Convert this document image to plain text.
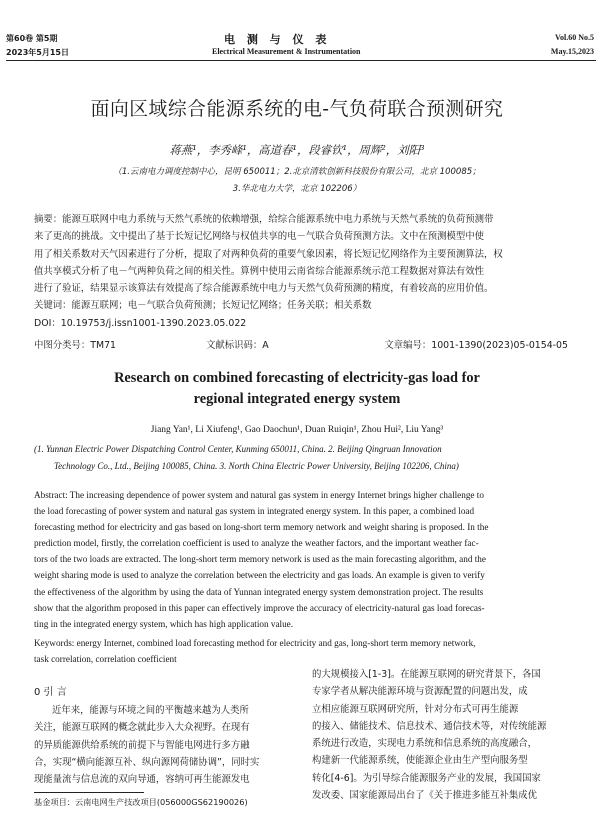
第60卷 第5期	电 测 与 仪 表	Vol.60 No.5
2023年5月15日	Electrical Measurement & Instrumentation	May.15,2023
面向区域综合能源系统的电-气负荷联合预测研究
蒋燕¹，李秀峰¹，高道春¹，段睿钦¹，周辉²，刘阳³
（1.云南电力调度控制中心，昆明 650011；2.北京清软创新科技股份有限公司，北京 100085；
3.华北电力大学，北京 102206）
摘要：能源互联网中电力系统与天然气系统的依赖增强，给综合能源系统中电力系统与天然气系统的负荷预测带
来了更高的挑战。文中提出了基于长短记忆网络与权值共享的电－气联合负荷预测方法。文中在预测模型中使
用了相关系数对天气因素进行了分析，提取了对两种负荷的重要气象因素，将长短记忆网络作为主要预测算法，权
值共享模式分析了电－气两种负荷之间的相关性。算例中使用云南省综合能源系统示范工程数据对算法有效性
进行了验证，结果显示该算法有效提高了综合能源系统中电力与天然气负荷预测的精度，有着较高的应用价值。
关键词：能源互联网；电－气联合负荷预测；长短记忆网络；任务关联；相关系数
DOI：10.19753/j.issn1001-1390.2023.05.022
中图分类号：TM71	文献标识码：A	文章编号：1001-1390(2023)05-0154-05
Research on combined forecasting of electricity-gas load for
regional integrated energy system
Jiang Yan¹, Li Xiufeng¹, Gao Daochun¹, Duan Ruiqin¹, Zhou Hui², Liu Yang³
(1. Yunnan Electric Power Dispatching Control Center, Kunming 650011, China. 2. Beijing Qingruan Innovation
Technology Co., Ltd., Beijing 100085, China. 3. North China Electric Power University, Beijing 102206, China)
Abstract: The increasing dependence of power system and natural gas system in energy Internet brings higher challenge to
the load forecasting of power system and natural gas system in integrated energy system. In this paper, a combined load
forecasting method for electricity and gas based on long-short term memory network and weight sharing is proposed. In the
prediction model, firstly, the correlation coefficient is used to analyze the weather factors, and the important weather fac-
tors of the two loads are extracted. The long-short term memory network is used as the main forecasting algorithm, and the
weight sharing mode is used to analyze the correlation between the electricity and gas loads. An example is given to verify
the effectiveness of the algorithm by using the data of Yunnan integrated energy system demonstration project. The results
show that the algorithm proposed in this paper can effectively improve the accuracy of electricity-natural gas load forecas-
ting in the integrated energy system, which has high application value.
Keywords: energy Internet, combined load forecasting method for electricity and gas, long-short term memory network,
task correlation, correlation coefficient
0 引 言
近年来，能源与环境之间的平衡越来越为人类所
关注，能源互联网的概念就此步入大众视野。在现有
的异质能源供给系统的前提下与智能电网进行多方融
合，实现“横向能源互补、纵向源网荷储协调”，同时实
现能量流与信息流的双向导通，容纳可再生能源发电
基金项目：云南电网生产技改项目(056000GS62190026)
的大规模接入[1-3]。在能源互联网的研究背景下，各国
专家学者从解决能源环境与资源配置的问题出发，成
立相应能源互联网研究所，针对分布式可再生能源
的接入、储能技术、信息技术、通信技术等，对传统能源
系统进行改造，实现电力系统和信息系统的高度融合，
构建新一代能源系统，使能源企业由生产型向服务型
转化[4-6]。为引导综合能源服务产业的发展，我国国家
发改委、国家能源局出台了《关于推进多能互补集成优
